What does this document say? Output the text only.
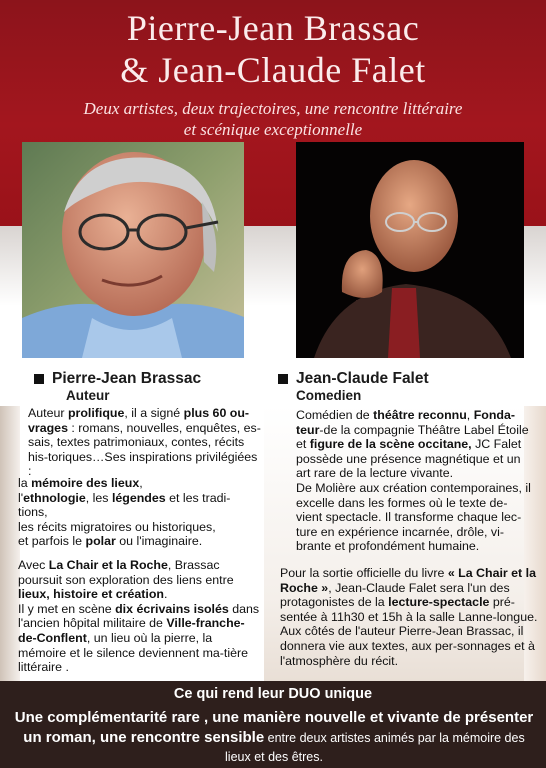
Pierre-Jean Brassac
& Jean-Claude Falet
Deux artistes, deux trajectoires, une rencontre littéraire
et scénique exceptionnelle
Pierre-Jean Brassac
Auteur
Jean-Claude Falet
Comedien
Auteur prolifique, il a signé plus 60 ou-vrages : romans, nouvelles, enquêtes, es-sais, textes patrimoniaux, contes, récits his-toriques…Ses inspirations privilégiées :
la mémoire des lieux,
l'ethnologie, les légendes et les tradi-tions,
les récits migratoires ou historiques,
et parfois le polar ou l'imaginaire.
Avec La Chair et la Roche, Brassac poursuit son exploration des liens entre lieux, histoire et création.
Il y met en scène dix écrivains isolés dans l'ancien hôpital militaire de Ville-franche-de-Conflent, un lieu où la pierre, la mémoire et le silence deviennent ma-tière littéraire .
Comédien de théâtre reconnu, Fonda-teur-de la compagnie Théâtre Label Étoile et figure de la scène occitane, JC Falet possède une présence magnétique et un art rare de la lecture vivante.
De Molière aux création contemporaines, il excelle dans les formes où le texte de-vient spectacle. Il transforme chaque lec-ture en expérience incarnée, drôle, vi-brante et profondément humaine.
Pour la sortie officielle du livre « La Chair et la Roche », Jean-Claude Falet sera l'un des protagonistes de la lecture-spectacle pré-sentée à 11h30 et 15h à la salle Lanne-longue. Aux côtés de l'auteur Pierre-Jean Brassac, il donnera vie aux textes, aux per-sonnages et à l'atmosphère du récit.
Ce qui rend leur DUO unique
Une complémentarité rare , une manière nouvelle et vivante de présenter un roman, une rencontre sensible entre deux artistes animés par la mémoire des lieux et des êtres.
